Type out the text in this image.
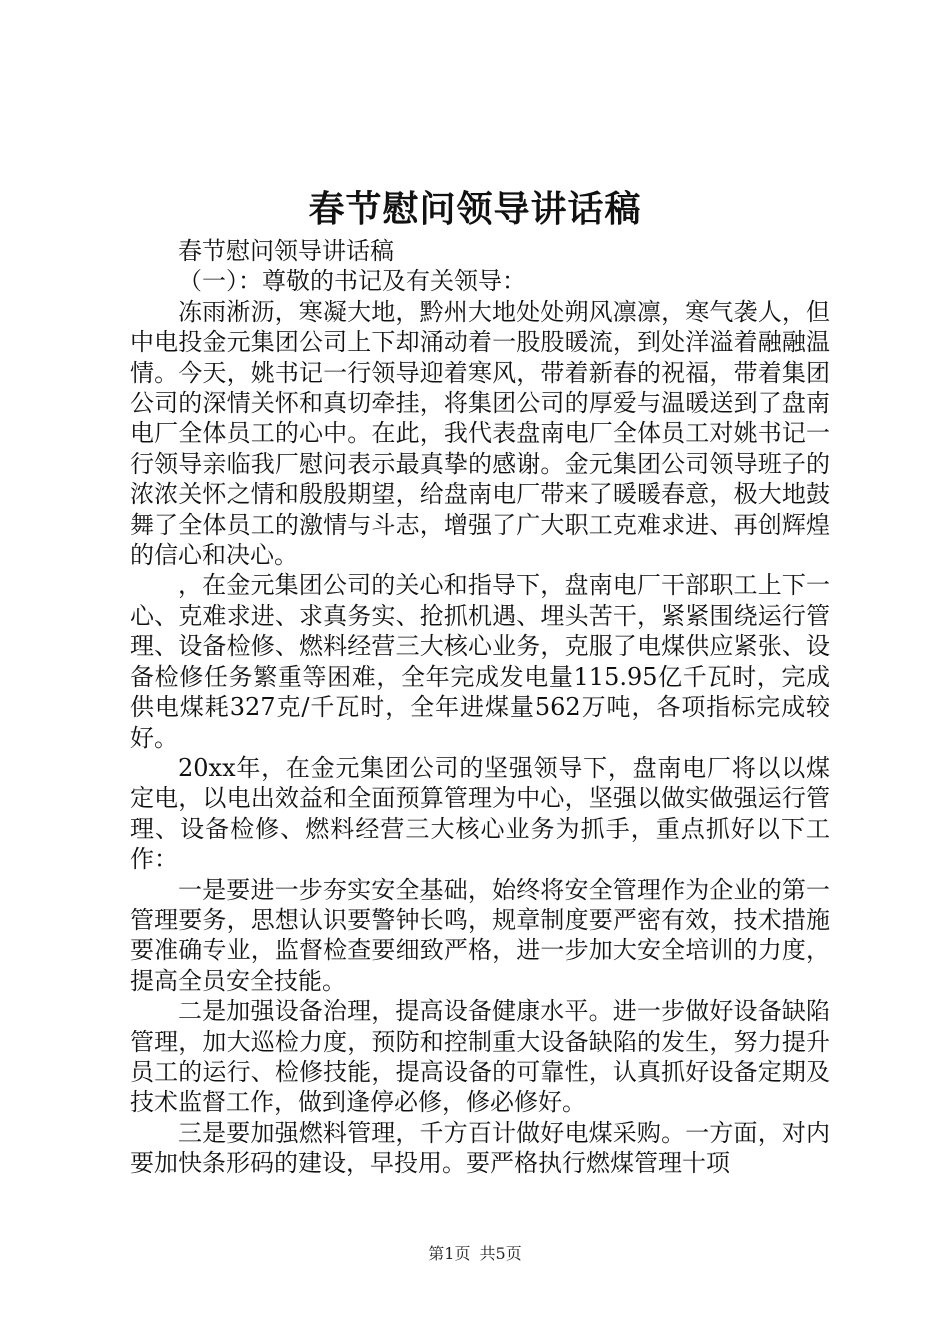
春节慰问领导讲话稿

春节慰问领导讲话稿

（一）：尊敬的书记及有关领导：

冻雨淅沥，寒凝大地，黔州大地处处朔风凛凛，寒气袭人，但中电投金元集团公司上下却涌动着一股股暖流，到处洋溢着融融温情。今天，姚书记一行领导迎着寒风，带着新春的祝福，带着集团公司的深情关怀和真切牵挂，将集团公司的厚爱与温暖送到了盘南电厂全体员工的心中。在此，我代表盘南电厂全体员工对姚书记一行领导亲临我厂慰问表示最真挚的感谢。金元集团公司领导班子的浓浓关怀之情和殷殷期望，给盘南电厂带来了暖暖春意，极大地鼓舞了全体员工的激情与斗志，增强了广大职工克难求进、再创辉煌的信心和决心。

，在金元集团公司的关心和指导下，盘南电厂干部职工上下一心、克难求进、求真务实、抢抓机遇、埋头苦干，紧紧围绕运行管理、设备检修、燃料经营三大核心业务，克服了电煤供应紧张、设备检修任务繁重等困难，全年完成发电量115.95亿千瓦时，完成供电煤耗327克/千瓦时，全年进煤量562万吨，各项指标完成较好。

20xx年，在金元集团公司的坚强领导下，盘南电厂将以以煤定电，以电出效益和全面预算管理为中心，坚强以做实做强运行管理、设备检修、燃料经营三大核心业务为抓手，重点抓好以下工作：

一是要进一步夯实安全基础，始终将安全管理作为企业的第一管理要务，思想认识要警钟长鸣，规章制度要严密有效，技术措施要准确专业，监督检查要细致严格，进一步加大安全培训的力度，提高全员安全技能。

二是加强设备治理，提高设备健康水平。进一步做好设备缺陷管理，加大巡检力度，预防和控制重大设备缺陷的发生，努力提升员工的运行、检修技能，提高设备的可靠性，认真抓好设备定期及技术监督工作，做到逢停必修，修必修好。

三是要加强燃料管理，千方百计做好电煤采购。一方面，对内要加快条形码的建设，早投用。要严格执行燃煤管理十项

第1页 共5页
